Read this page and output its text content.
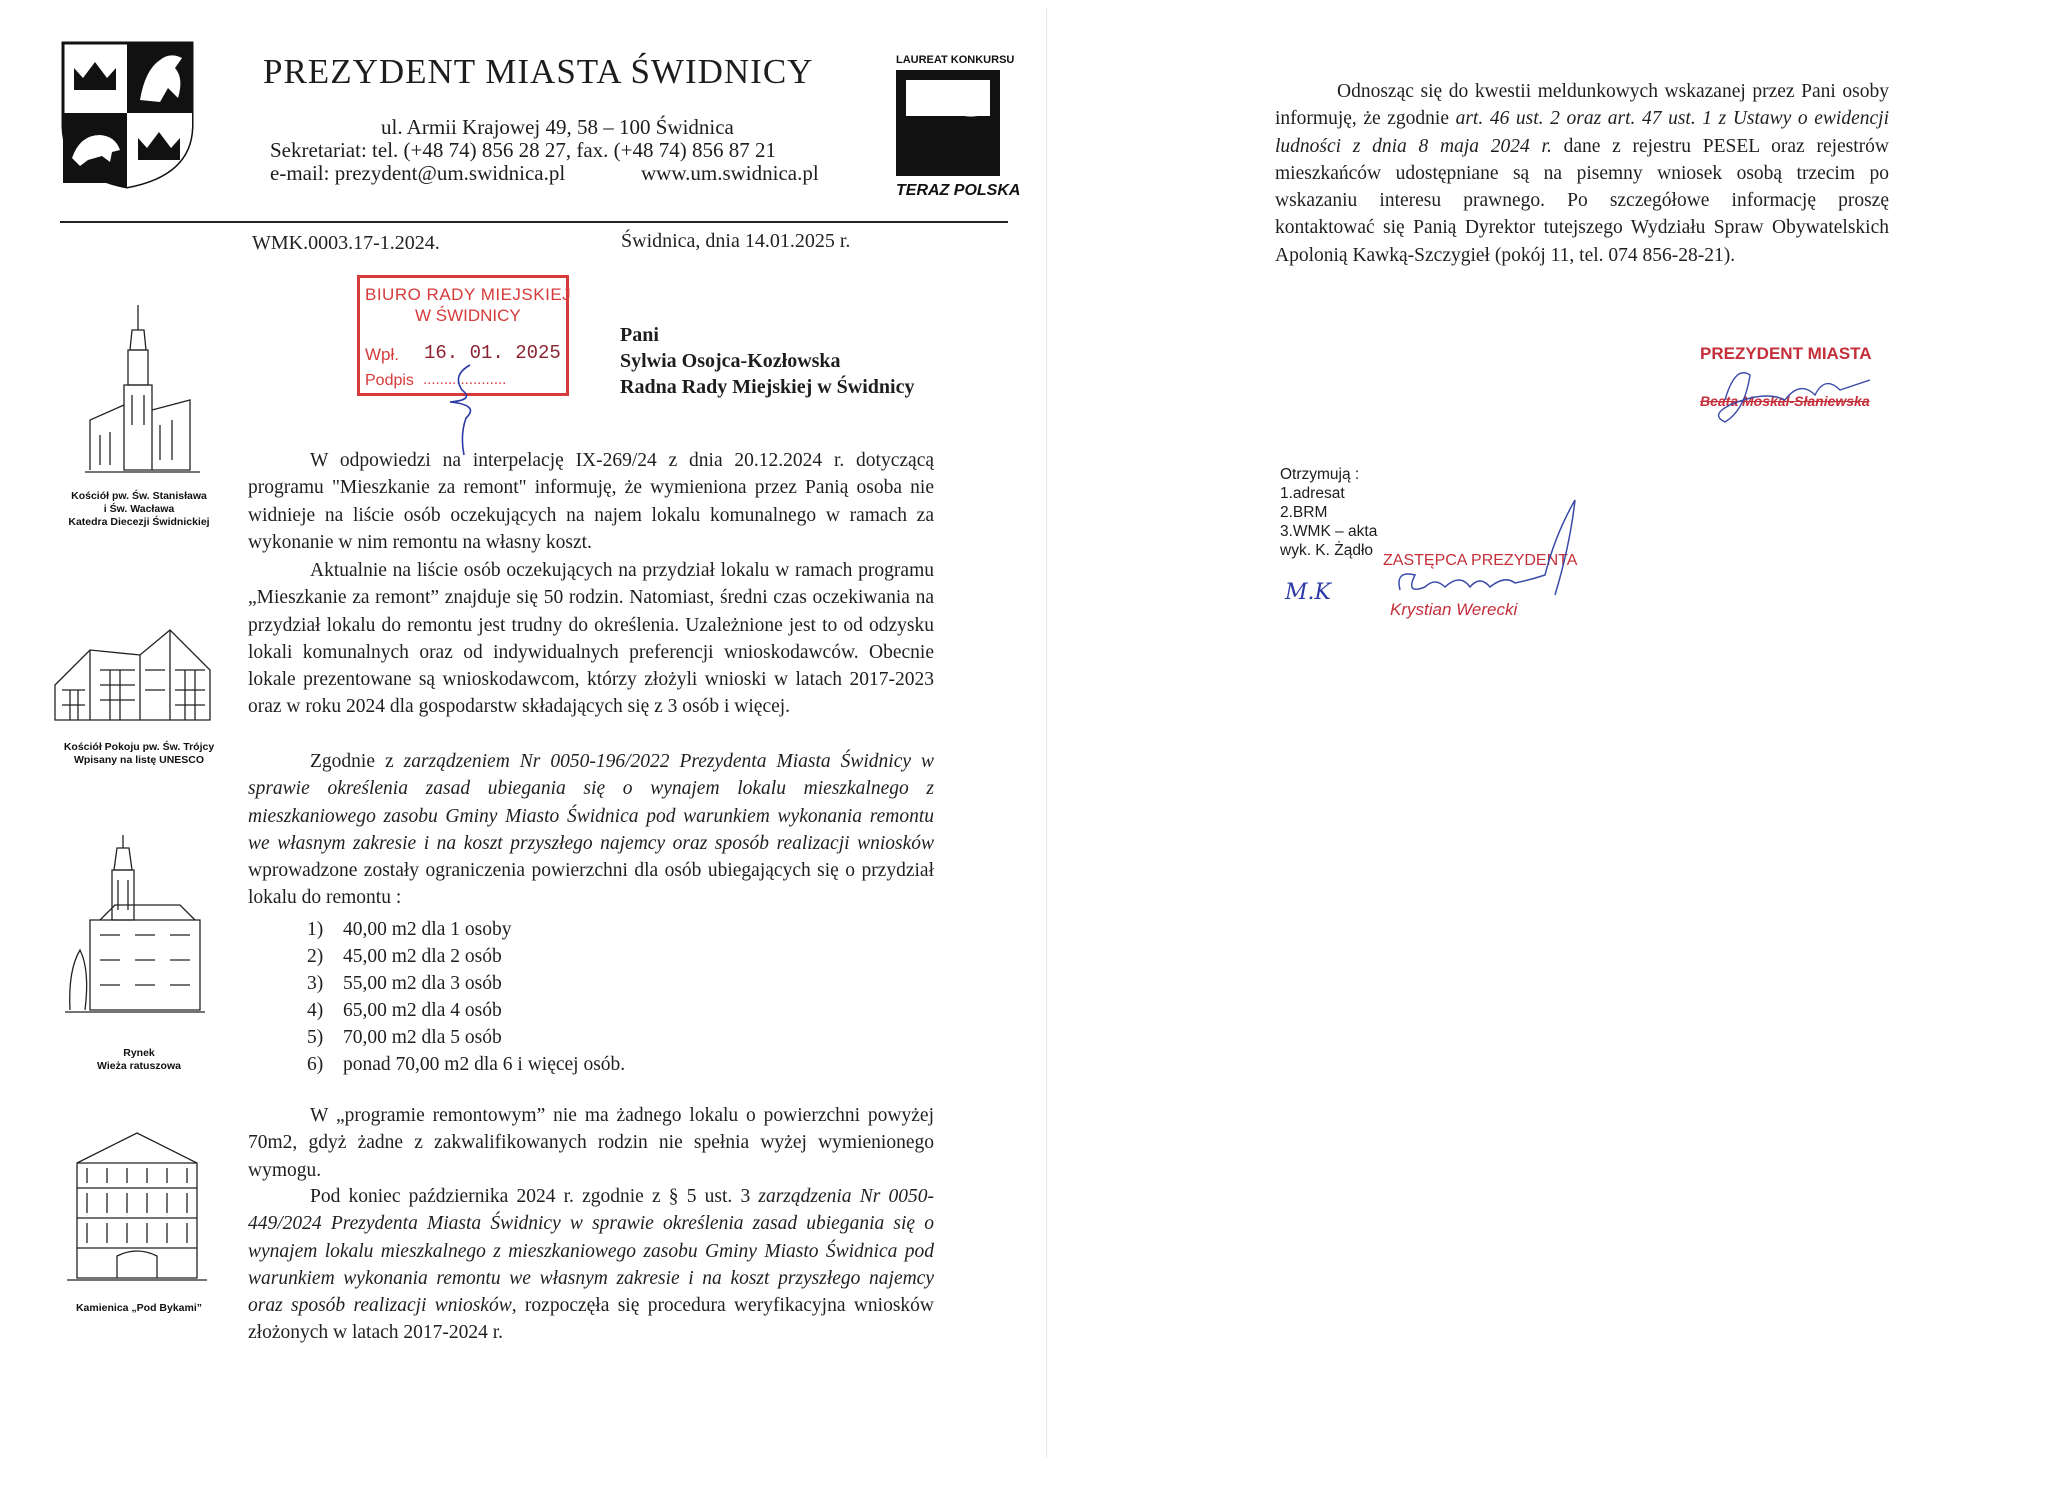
PREZYDENT MIASTA ŚWIDNICY
ul. Armii Krajowej 49, 58 – 100 Świdnica
Sekretariat: tel. (+48 74) 856 28 27, fax. (+48 74) 856 87 21
e-mail: prezydent@um.swidnica.pl	www.um.swidnica.pl
LAUREAT KONKURSU
TERAZ POLSKA
WMK.0003.17-1.2024.	Świdnica, dnia 14.01.2025 r.
BIURO RADY MIEJSKIEJ
W ŚWIDNICY
Wpł. 16. 01. 2025
Podpis ....................
Pani
Sylwia Osojca-Kozłowska
Radna Rady Miejskiej w Świdnicy
Kościół pw. Św. Stanisława
i Św. Wacława
Katedra Diecezji Świdnickiej
Kościół Pokoju pw. Św. Trójcy
Wpisany na listę UNESCO
Rynek
Wieża ratuszowa
Kamienica „Pod Bykami”

W odpowiedzi na interpelację IX-269/24 z dnia 20.12.2024 r. dotyczącą programu "Mieszkanie za remont" informuję, że wymieniona przez Panią osoba nie widnieje na liście osób oczekujących na najem lokalu komunalnego w ramach za wykonanie w nim remontu na własny koszt.

Aktualnie na liście osób oczekujących na przydział lokalu w ramach programu „Mieszkanie za remont” znajduje się 50 rodzin. Natomiast, średni czas oczekiwania na przydział lokalu do remontu jest trudny do określenia. Uzależnione jest to od odzysku lokali komunalnych oraz od indywidualnych preferencji wnioskodawców. Obecnie lokale prezentowane są wnioskodawcom, którzy złożyli wnioski w latach 2017-2023 oraz w roku 2024 dla gospodarstw składających się z 3 osób i więcej.

Zgodnie z zarządzeniem Nr 0050-196/2022 Prezydenta Miasta Świdnicy w sprawie określenia zasad ubiegania się o wynajem lokalu mieszkalnego z mieszkaniowego zasobu Gminy Miasto Świdnica pod warunkiem wykonania remontu we własnym zakresie i na koszt przyszłego najemcy oraz sposób realizacji wniosków wprowadzone zostały ograniczenia powierzchni dla osób ubiegających się o przydział lokalu do remontu :

1) 40,00 m2 dla 1 osoby
2) 45,00 m2 dla 2 osób
3) 55,00 m2 dla 3 osób
4) 65,00 m2 dla 4 osób
5) 70,00 m2 dla 5 osób
6) ponad 70,00 m2 dla 6 i więcej osób.

W „programie remontowym” nie ma żadnego lokalu o powierzchni powyżej 70m2, gdyż żadne z zakwalifikowanych rodzin nie spełnia wyżej wymienionego wymogu.

Pod koniec października 2024 r. zgodnie z § 5 ust. 3 zarządzenia Nr 0050-449/2024 Prezydenta Miasta Świdnicy w sprawie określenia zasad ubiegania się o wynajem lokalu mieszkalnego z mieszkaniowego zasobu Gminy Miasto Świdnica pod warunkiem wykonania remontu we własnym zakresie i na koszt przyszłego najemcy oraz sposób realizacji wniosków, rozpoczęła się procedura weryfikacyjna wniosków złożonych w latach 2017-2024 r.

Odnosząc się do kwestii meldunkowych wskazanej przez Pani osoby informuję, że zgodnie art. 46 ust. 2 oraz art. 47 ust. 1 z Ustawy o ewidencji ludności z dnia 8 maja 2024 r. dane z rejestru PESEL oraz rejestrów mieszkańców udostępniane są na pisemny wniosek osobą trzecim po wskazaniu interesu prawnego. Po szczegółowe informację proszę kontaktować się Panią Dyrektor tutejszego Wydziału Spraw Obywatelskich Apolonią Kawką-Szczygieł (pokój 11, tel. 074 856-28-21).

PREZYDENT MIASTA
Beata Moskal-Słaniewska
Otrzymują :
1.adresat
2.BRM
3.WMK – akta
wyk. K. Żądło
M.K
ZASTĘPCA PREZYDENTA
Krystian Werecki
